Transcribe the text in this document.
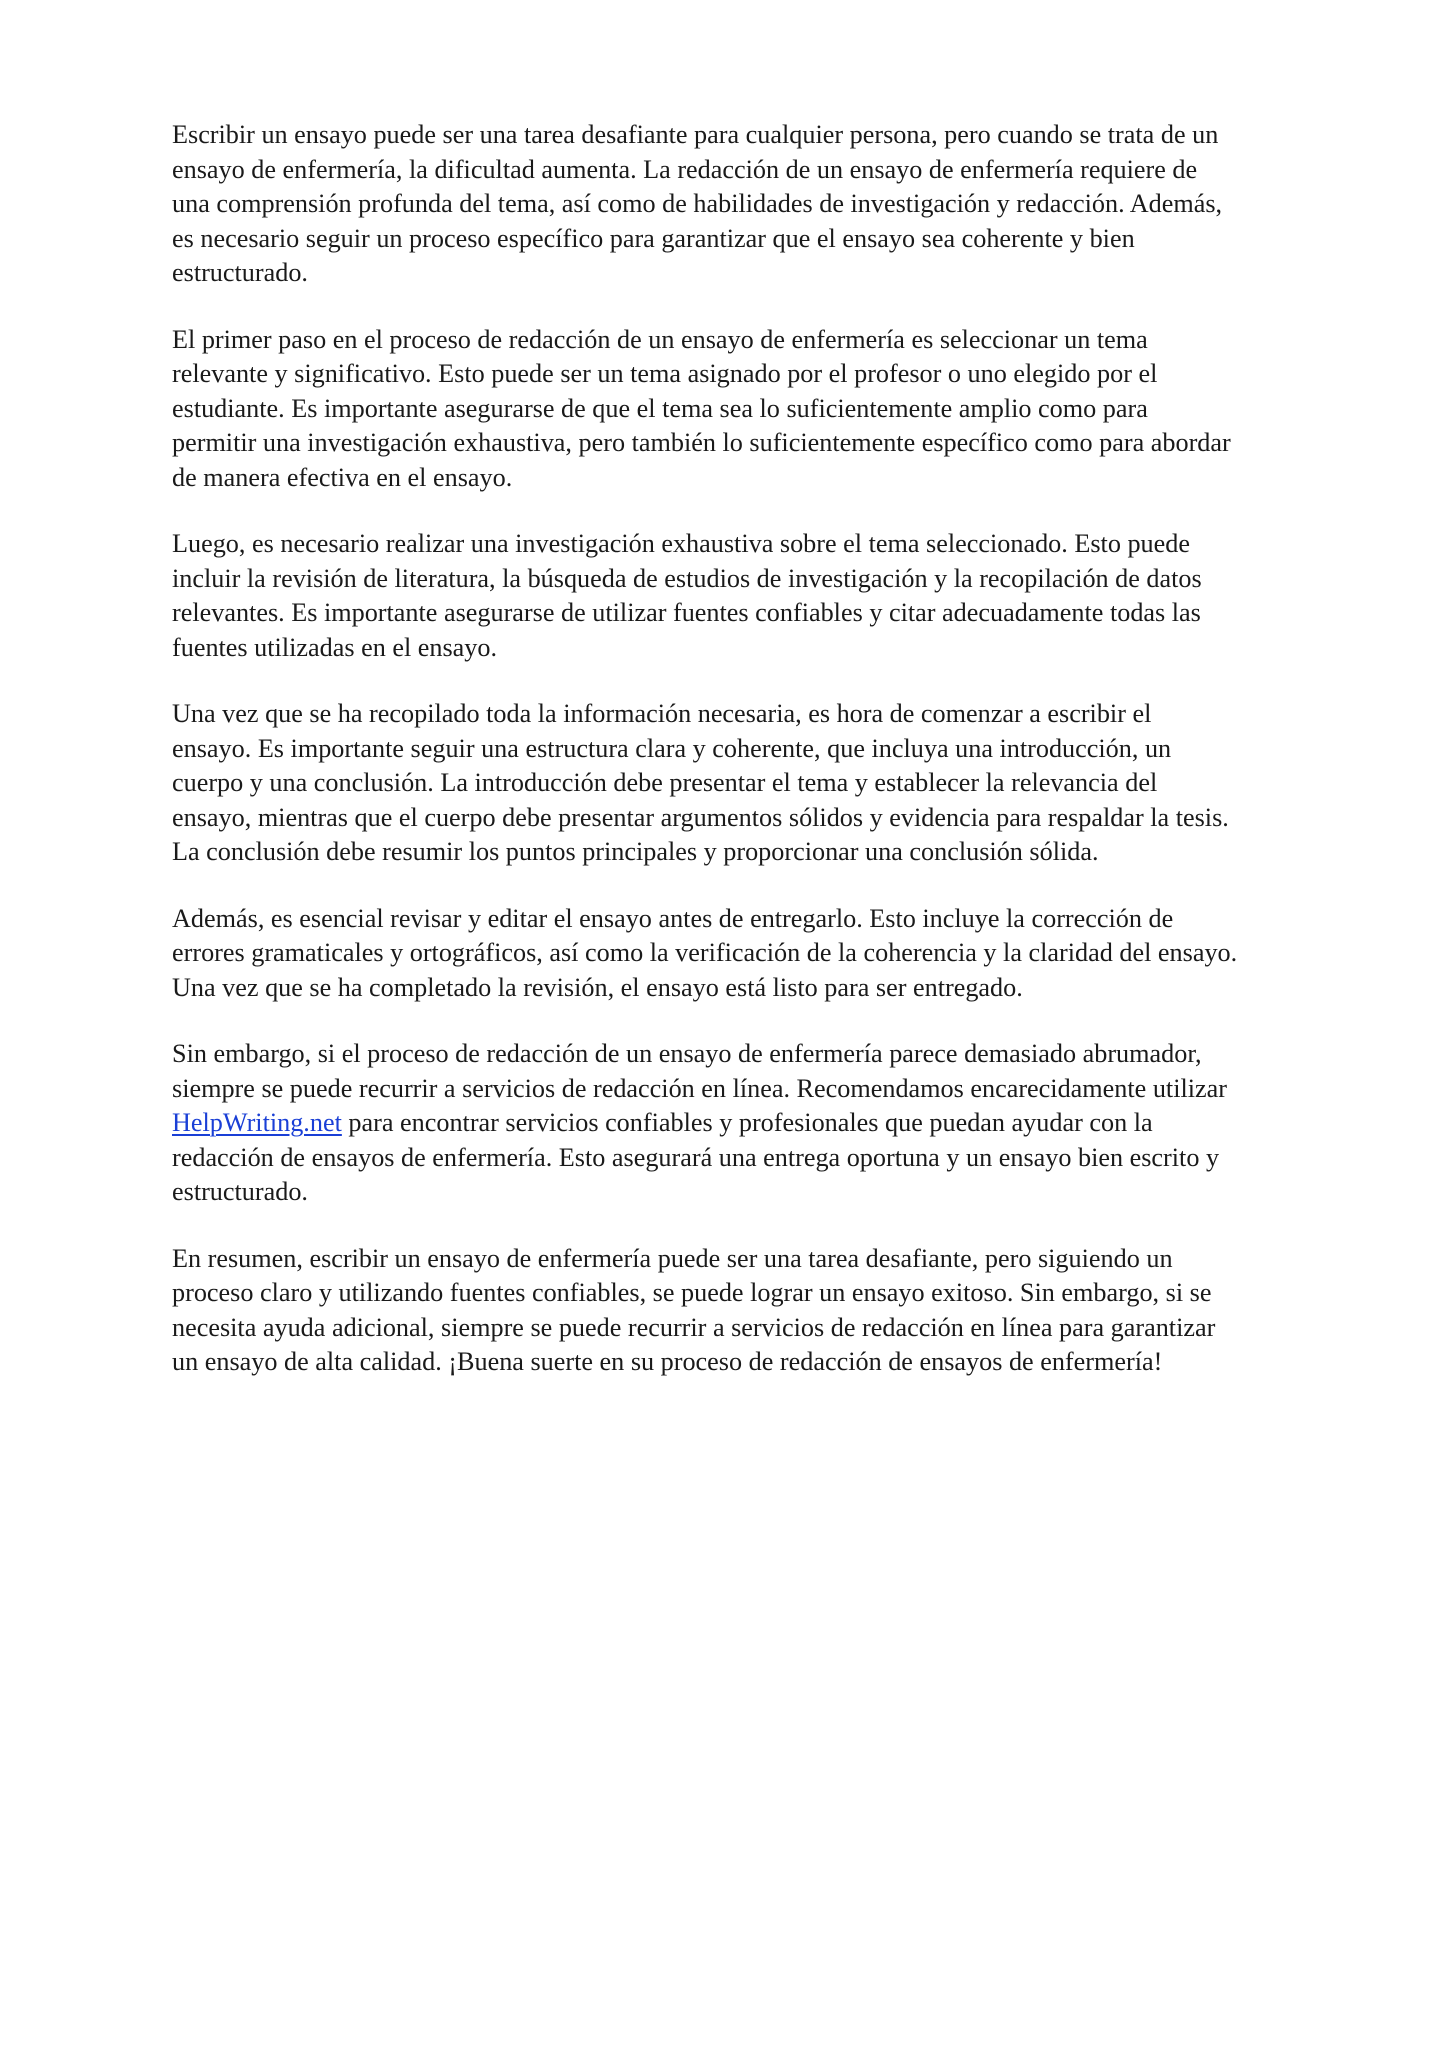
Escribir un ensayo puede ser una tarea desafiante para cualquier persona, pero cuando se trata de un
ensayo de enfermería, la dificultad aumenta. La redacción de un ensayo de enfermería requiere de
una comprensión profunda del tema, así como de habilidades de investigación y redacción. Además,
es necesario seguir un proceso específico para garantizar que el ensayo sea coherente y bien
estructurado.

El primer paso en el proceso de redacción de un ensayo de enfermería es seleccionar un tema
relevante y significativo. Esto puede ser un tema asignado por el profesor o uno elegido por el
estudiante. Es importante asegurarse de que el tema sea lo suficientemente amplio como para
permitir una investigación exhaustiva, pero también lo suficientemente específico como para abordar
de manera efectiva en el ensayo.

Luego, es necesario realizar una investigación exhaustiva sobre el tema seleccionado. Esto puede
incluir la revisión de literatura, la búsqueda de estudios de investigación y la recopilación de datos
relevantes. Es importante asegurarse de utilizar fuentes confiables y citar adecuadamente todas las
fuentes utilizadas en el ensayo.

Una vez que se ha recopilado toda la información necesaria, es hora de comenzar a escribir el
ensayo. Es importante seguir una estructura clara y coherente, que incluya una introducción, un
cuerpo y una conclusión. La introducción debe presentar el tema y establecer la relevancia del
ensayo, mientras que el cuerpo debe presentar argumentos sólidos y evidencia para respaldar la tesis.
La conclusión debe resumir los puntos principales y proporcionar una conclusión sólida.

Además, es esencial revisar y editar el ensayo antes de entregarlo. Esto incluye la corrección de
errores gramaticales y ortográficos, así como la verificación de la coherencia y la claridad del ensayo.
Una vez que se ha completado la revisión, el ensayo está listo para ser entregado.

Sin embargo, si el proceso de redacción de un ensayo de enfermería parece demasiado abrumador,
siempre se puede recurrir a servicios de redacción en línea. Recomendamos encarecidamente utilizar
HelpWriting.net para encontrar servicios confiables y profesionales que puedan ayudar con la
redacción de ensayos de enfermería. Esto asegurará una entrega oportuna y un ensayo bien escrito y
estructurado.

En resumen, escribir un ensayo de enfermería puede ser una tarea desafiante, pero siguiendo un
proceso claro y utilizando fuentes confiables, se puede lograr un ensayo exitoso. Sin embargo, si se
necesita ayuda adicional, siempre se puede recurrir a servicios de redacción en línea para garantizar
un ensayo de alta calidad. ¡Buena suerte en su proceso de redacción de ensayos de enfermería!
